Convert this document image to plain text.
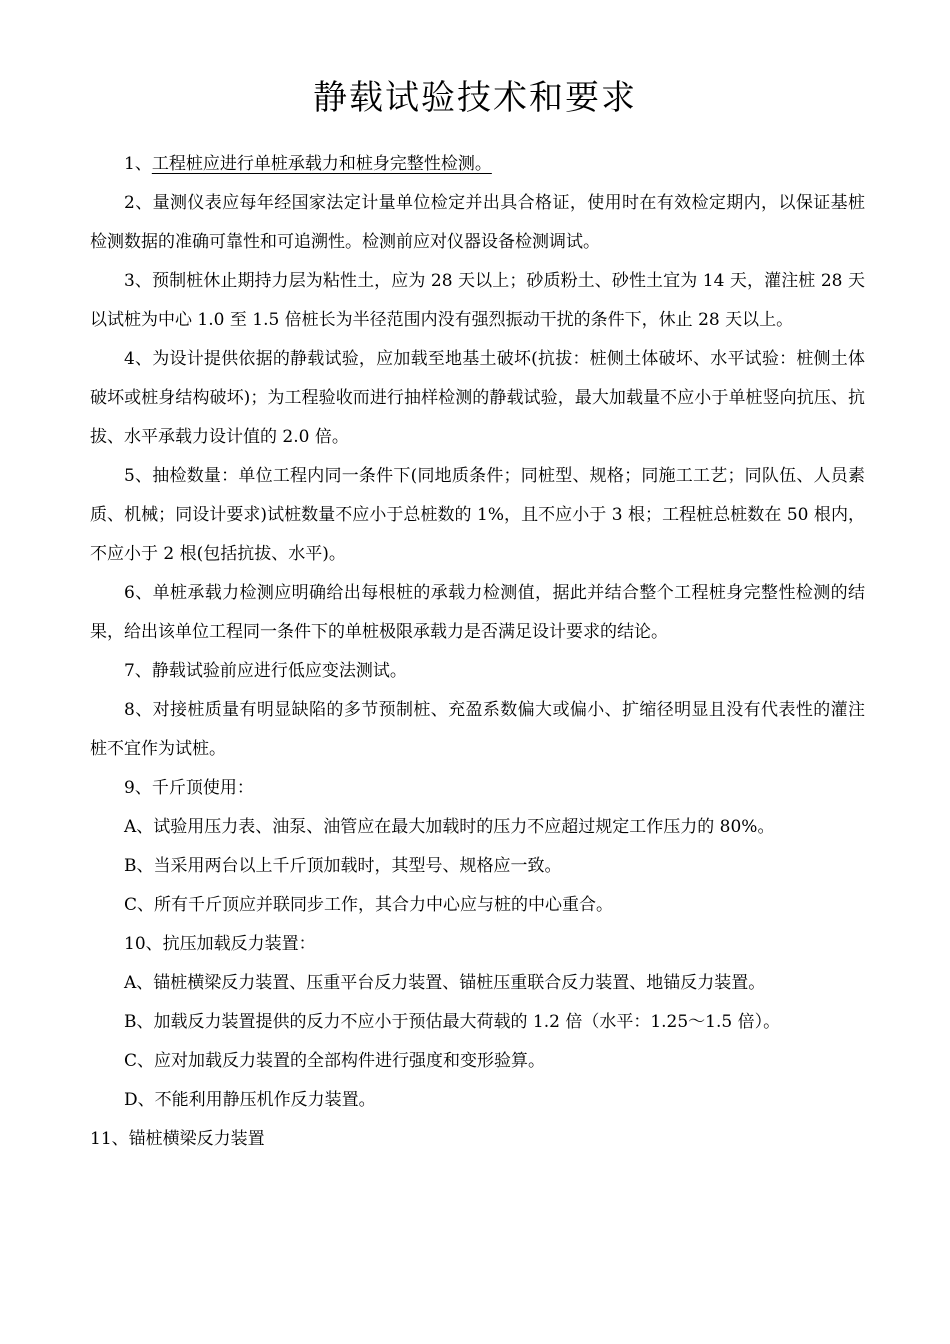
静载试验技术和要求

1、工程桩应进行单桩承载力和桩身完整性检测。

2、量测仪表应每年经国家法定计量单位检定并出具合格证，使用时在有效检定期内，以保证基桩检测数据的准确可靠性和可追溯性。检测前应对仪器设备检测调试。

3、预制桩休止期持力层为粘性土，应为 28 天以上；砂质粉土、砂性土宜为 14 天，灌注桩 28 天以试桩为中心 1.0 至 1.5 倍桩长为半径范围内没有强烈振动干扰的条件下，休止 28 天以上。

4、为设计提供依据的静载试验，应加载至地基土破坏(抗拔：桩侧土体破坏、水平试验：桩侧土体破坏或桩身结构破坏)；为工程验收而进行抽样检测的静载试验，最大加载量不应小于单桩竖向抗压、抗拔、水平承载力设计值的 2.0 倍。

5、抽检数量：单位工程内同一条件下(同地质条件；同桩型、规格；同施工工艺；同队伍、人员素质、机械；同设计要求)试桩数量不应小于总桩数的 1%，且不应小于 3 根；工程桩总桩数在 50 根内，不应小于 2 根(包括抗拔、水平)。

6、单桩承载力检测应明确给出每根桩的承载力检测值，据此并结合整个工程桩身完整性检测的结果，给出该单位工程同一条件下的单桩极限承载力是否满足设计要求的结论。

7、静载试验前应进行低应变法测试。

8、对接桩质量有明显缺陷的多节预制桩、充盈系数偏大或偏小、扩缩径明显且没有代表性的灌注桩不宜作为试桩。

9、千斤顶使用：

A、试验用压力表、油泵、油管应在最大加载时的压力不应超过规定工作压力的 80%。

B、当采用两台以上千斤顶加载时，其型号、规格应一致。

C、所有千斤顶应并联同步工作，其合力中心应与桩的中心重合。

10、抗压加载反力装置：

A、锚桩横梁反力装置、压重平台反力装置、锚桩压重联合反力装置、地锚反力装置。

B、加载反力装置提供的反力不应小于预估最大荷载的 1.2 倍（水平：1.25～1.5 倍）。

C、应对加载反力装置的全部构件进行强度和变形验算。

D、不能利用静压机作反力装置。

11、锚桩横梁反力装置
